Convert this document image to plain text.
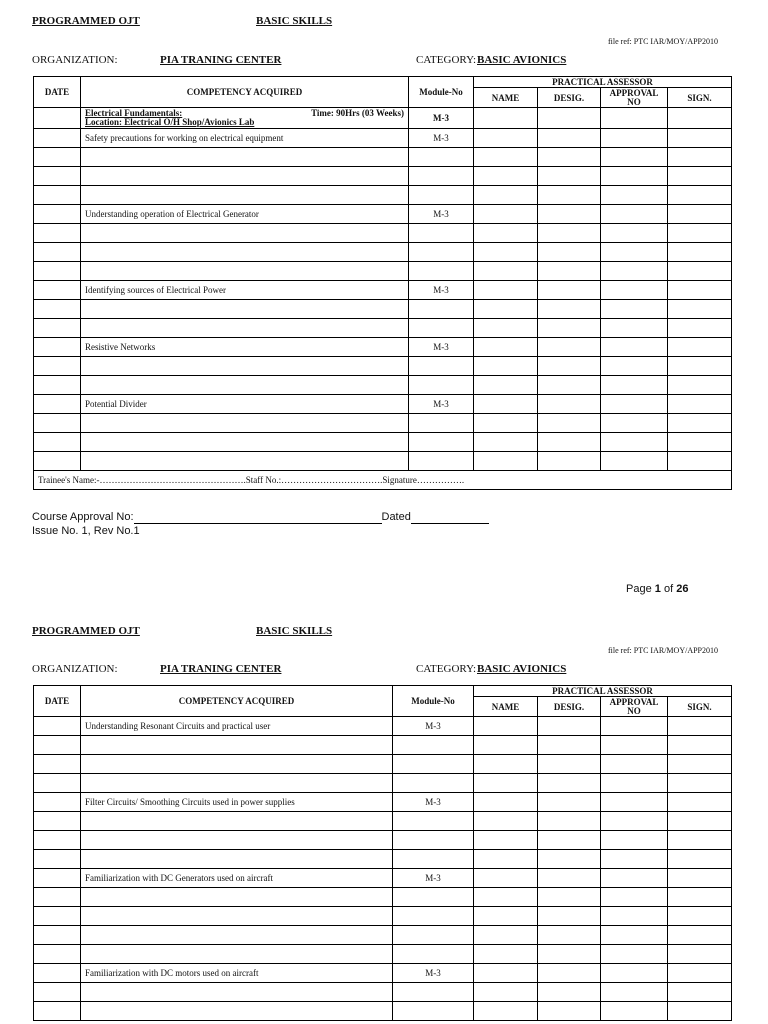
PROGRAMMED OJT	BASIC SKILLS
file ref: PTC IAR/MOY/APP2010
ORGANIZATION:	PIA TRANING CENTER	CATEGORY: BASIC AVIONICS
DATE	COMPETENCY ACQUIRED	Module-No	PRACTICAL ASSESSOR			
			NAME	DESIG.	APPROVAL NO	SIGN.

	Electrical Fundamentals: Time: 90Hrs (03 Weeks)
Location: Electrical O/H Shop/Avionics Lab	M-3				
	Safety precautions for working on electrical equipment	M-3				

	Understanding operation of Electrical Generator	M-3				

	Identifying sources of Electrical Power	M-3				

	Resistive Networks	M-3				

	Potential Divider	M-3				

Trainee's Name:-………………………………………….Staff No.:…………………………….Signature…………….						
Course Approval No:	Dated
Issue No. 1, Rev No.1
Page 1 of 26
PROGRAMMED OJT	BASIC SKILLS
file ref: PTC IAR/MOY/APP2010
ORGANIZATION:	PIA TRANING CENTER	CATEGORY: BASIC AVIONICS
DATE	COMPETENCY ACQUIRED	Module-No	PRACTICAL ASSESSOR			
			NAME	DESIG.	APPROVAL NO	SIGN.
	Understanding Resonant Circuits and practical user	M-3				

	Filter Circuits/ Smoothing Circuits used in power supplies	M-3				

	Familiarization with DC Generators used on aircraft	M-3				

	Familiarization with DC motors used on aircraft	M-3				
